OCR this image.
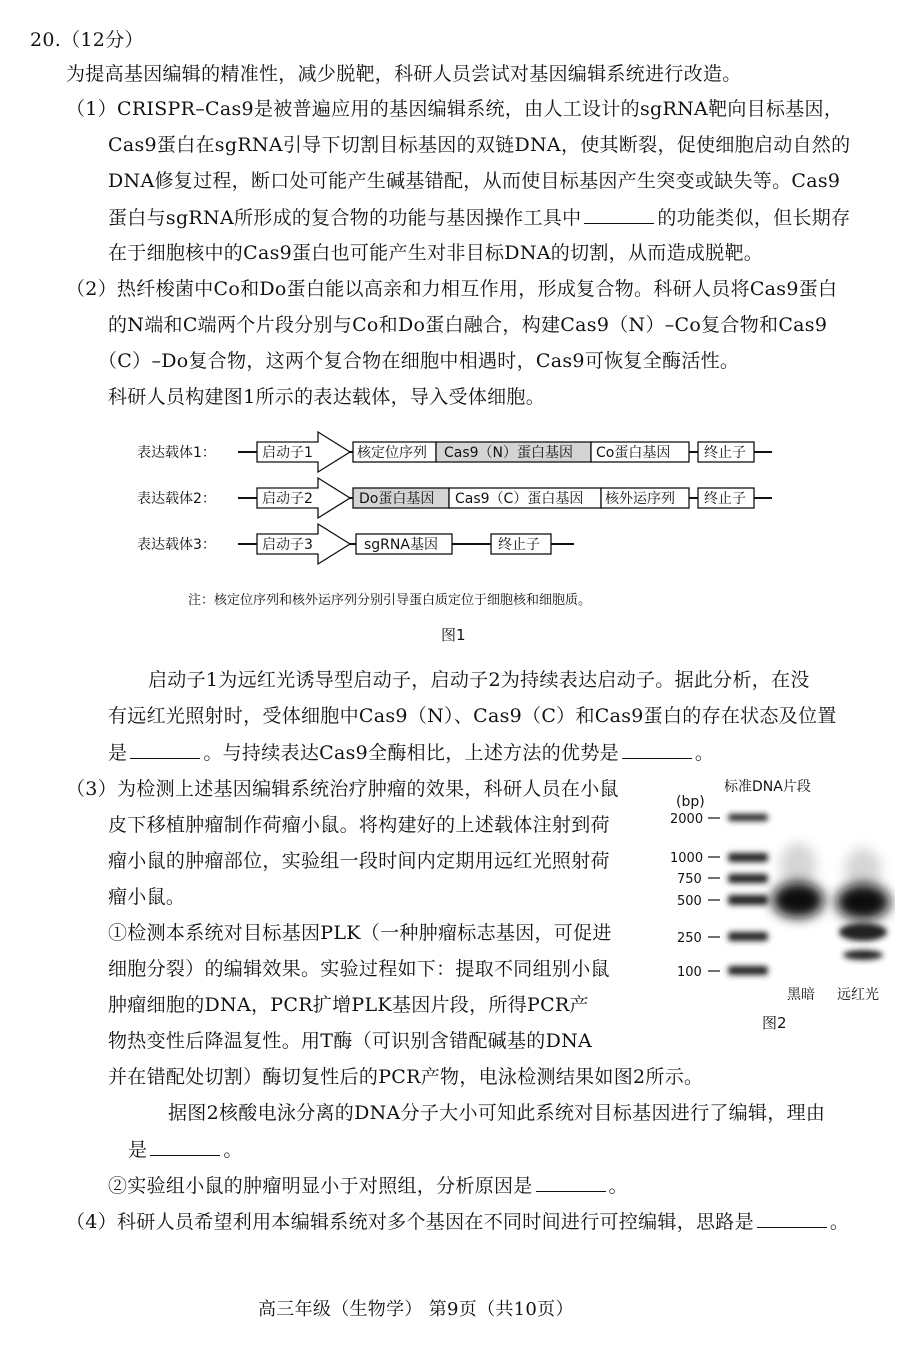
20.（12分）
为提高基因编辑的精准性，减少脱靶，科研人员尝试对基因编辑系统进行改造。
（1）CRISPR–Cas9是被普遍应用的基因编辑系统，由人工设计的sgRNA靶向目标基因，
Cas9蛋白在sgRNA引导下切割目标基因的双链DNA，使其断裂，促使细胞启动自然的
DNA修复过程，断口处可能产生碱基错配，从而使目标基因产生突变或缺失等。Cas9
蛋白与sgRNA所形成的复合物的功能与基因操作工具中	的功能类似，但长期存
在于细胞核中的Cas9蛋白也可能产生对非目标DNA的切割，从而造成脱靶。
（2）热纤梭菌中Co和Do蛋白能以高亲和力相互作用，形成复合物。科研人员将Cas9蛋白
的N端和C端两个片段分别与Co和Do蛋白融合，构建Cas9（N）–Co复合物和Cas9
（C）–Do复合物，这两个复合物在细胞中相遇时，Cas9可恢复全酶活性。
科研人员构建图1所示的表达载体，导入受体细胞。
表达载体1：	启动子1	核定位序列 Cas9（N）蛋白基因 Co蛋白基因 终止子
表达载体2：	启动子2	Do蛋白基因 Cas9（C）蛋白基因 核外运序列 终止子
表达载体3：	启动子3	sgRNA基因	终止子
注：核定位序列和核外运序列分别引导蛋白质定位于细胞核和细胞质。
图1
启动子1为远红光诱导型启动子，启动子2为持续表达启动子。据此分析，在没
有远红光照射时，受体细胞中Cas9（N）、Cas9（C）和Cas9蛋白的存在状态及位置
是	。与持续表达Cas9全酶相比，上述方法的优势是	。
（3）为检测上述基因编辑系统治疗肿瘤的效果，科研人员在小鼠
皮下移植肿瘤制作荷瘤小鼠。将构建好的上述载体注射到荷
瘤小鼠的肿瘤部位，实验组一段时间内定期用远红光照射荷
瘤小鼠。
①检测本系统对目标基因PLK（一种肿瘤标志基因，可促进
细胞分裂）的编辑效果。实验过程如下：提取不同组别小鼠
肿瘤细胞的DNA，PCR扩增PLK基因片段，所得PCR产
物热变性后降温复性。用T酶（可识别含错配碱基的DNA
并在错配处切割）酶切复性后的PCR产物，电泳检测结果如图2所示。
据图2核酸电泳分离的DNA分子大小可知此系统对目标基因进行了编辑，理由
是	。
②实验组小鼠的肿瘤明显小于对照组，分析原因是	。
标准DNA片段
(bp)
2000
1000
750
500
250
100
黑暗 远红光
图2
（4）科研人员希望利用本编辑系统对多个基因在不同时间进行可控编辑，思路是	。
高三年级（生物学） 第9页（共10页）
